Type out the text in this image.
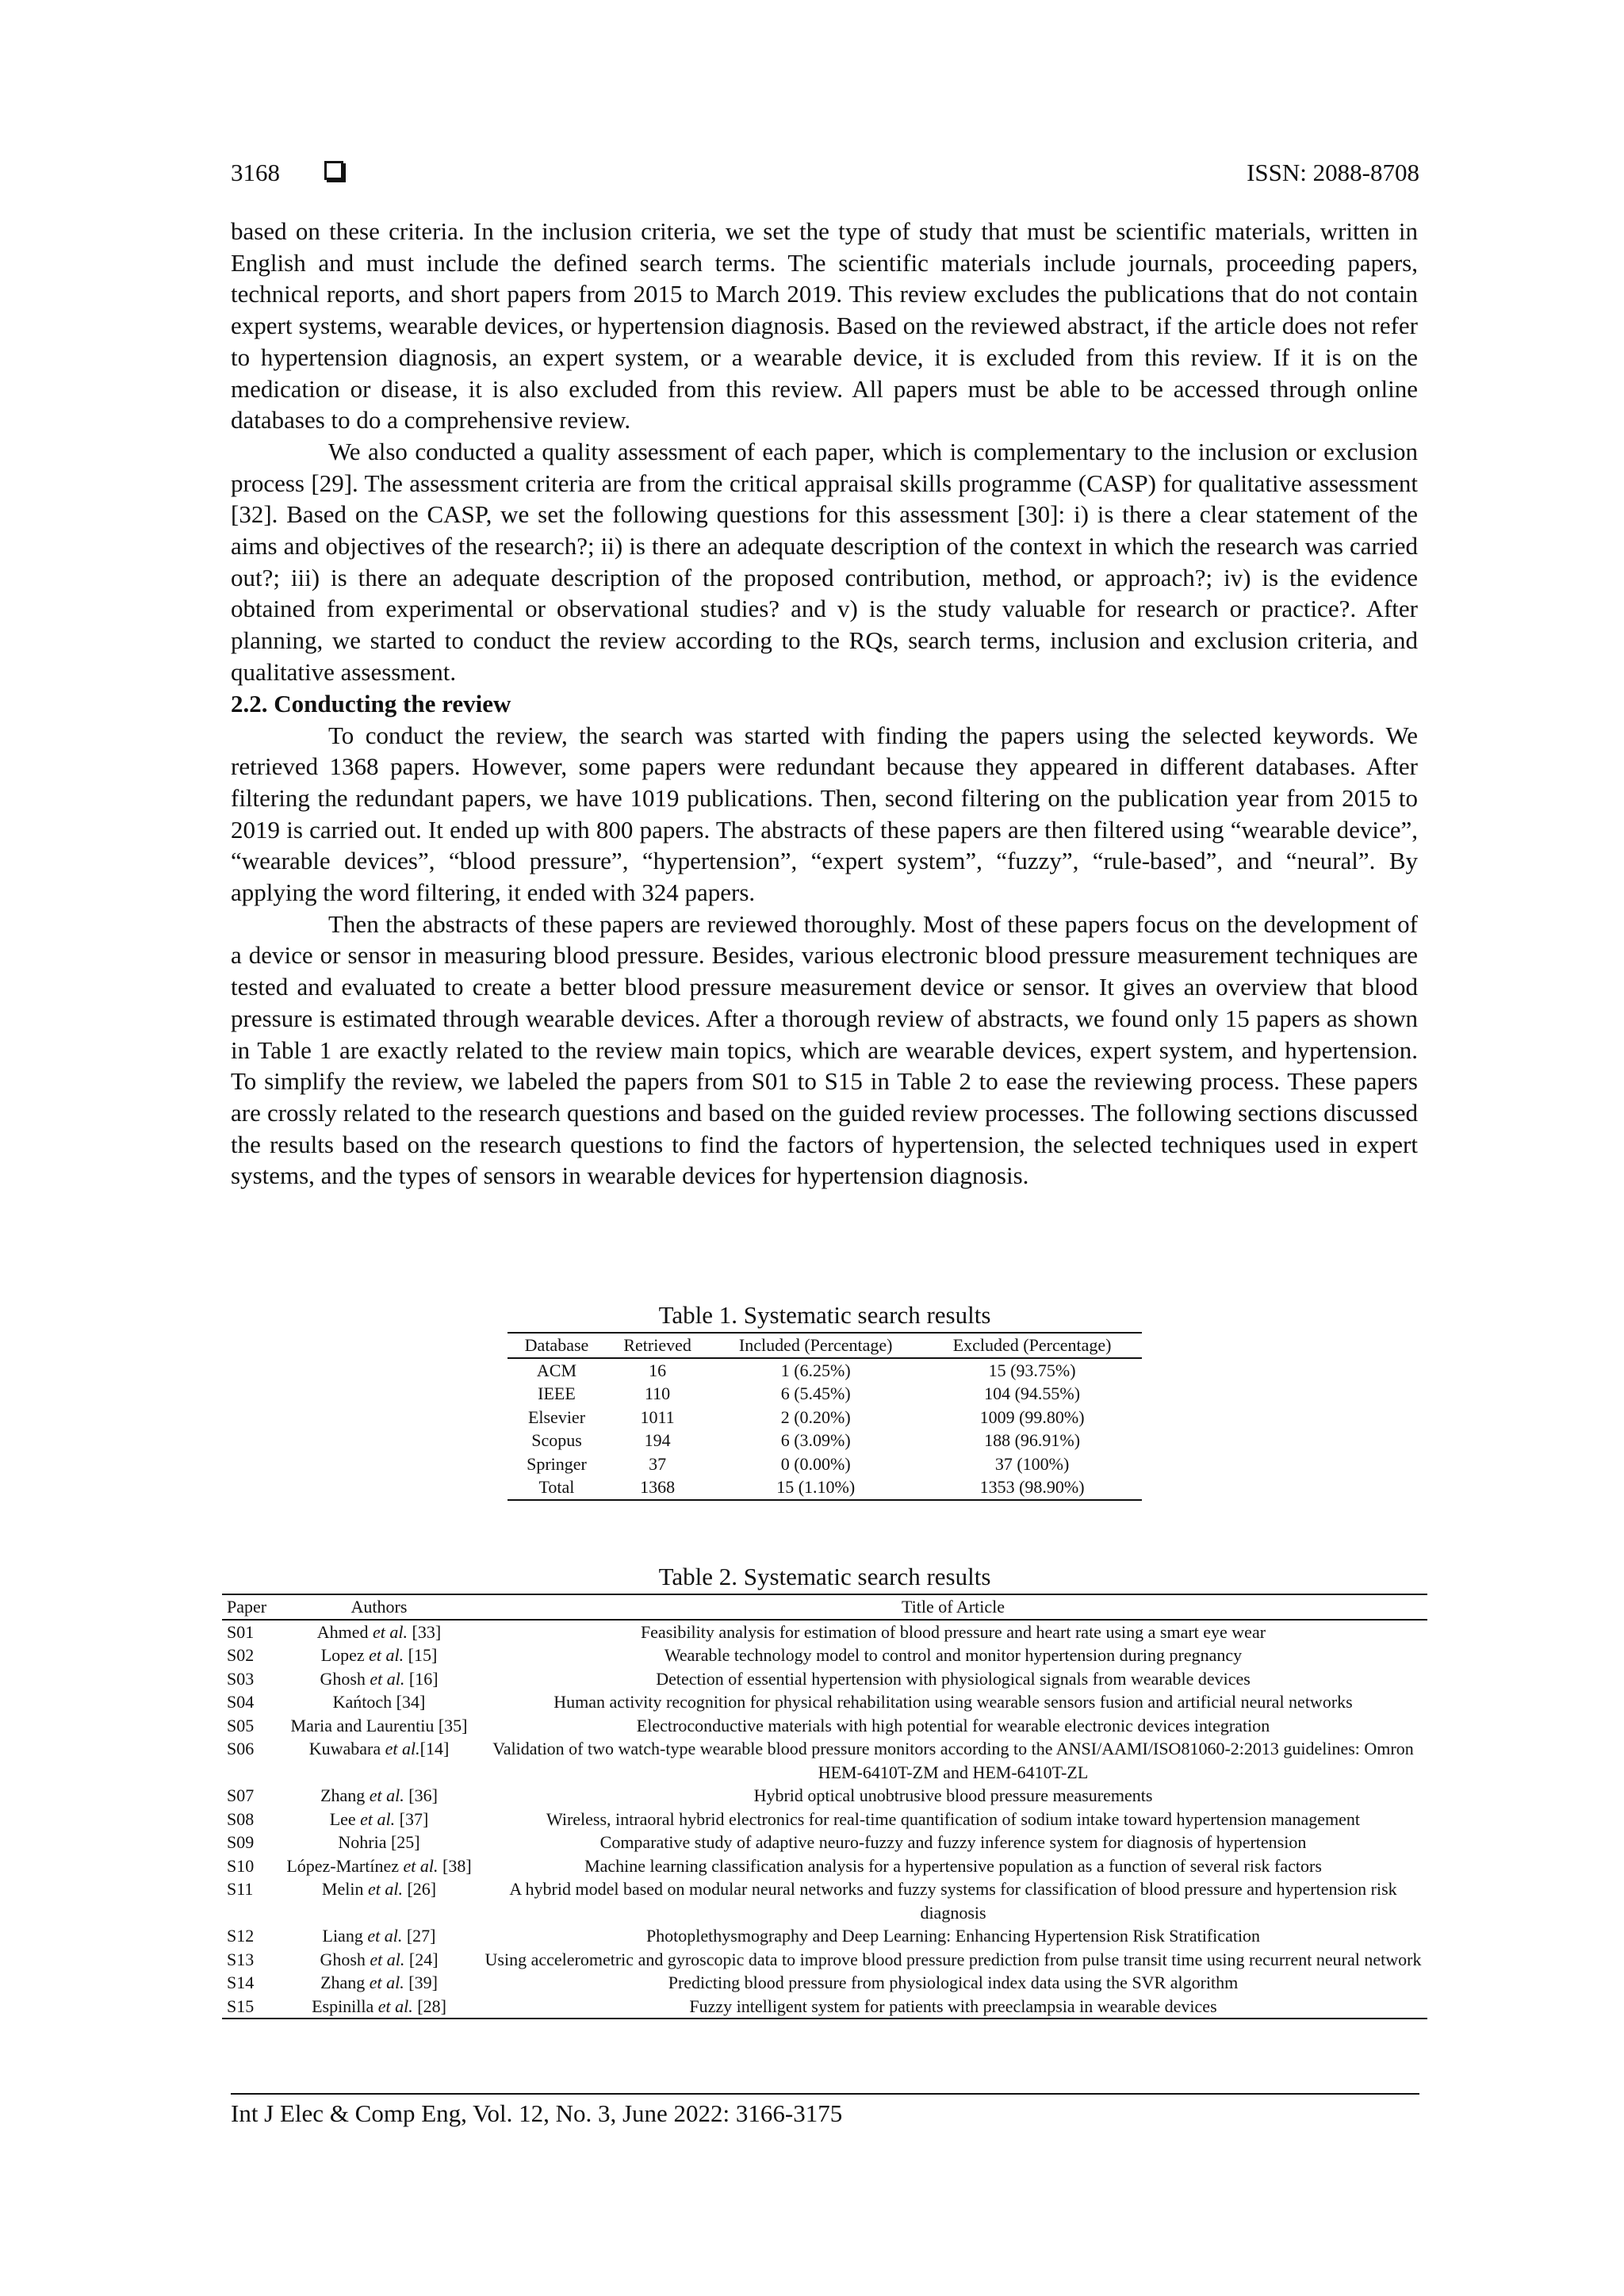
3168	ISSN: 2088-8708

based on these criteria. In the inclusion criteria, we set the type of study that must be scientific materials, written in English and must include the defined search terms. The scientific materials include journals, proceeding papers, technical reports, and short papers from 2015 to March 2019. This review excludes the publications that do not contain expert systems, wearable devices, or hypertension diagnosis. Based on the reviewed abstract, if the article does not refer to hypertension diagnosis, an expert system, or a wearable device, it is excluded from this review. If it is on the medication or disease, it is also excluded from this review. All papers must be able to be accessed through online databases to do a comprehensive review.

We also conducted a quality assessment of each paper, which is complementary to the inclusion or exclusion process [29]. The assessment criteria are from the critical appraisal skills programme (CASP) for qualitative assessment [32]. Based on the CASP, we set the following questions for this assessment [30]: i) is there a clear statement of the aims and objectives of the research?; ii) is there an adequate description of the context in which the research was carried out?; iii) is there an adequate description of the proposed contribution, method, or approach?; iv) is the evidence obtained from experimental or observational studies? and v) is the study valuable for research or practice?. After planning, we started to conduct the review according to the RQs, search terms, inclusion and exclusion criteria, and qualitative assessment.

2.2. Conducting the review

To conduct the review, the search was started with finding the papers using the selected keywords. We retrieved 1368 papers. However, some papers were redundant because they appeared in different databases. After filtering the redundant papers, we have 1019 publications. Then, second filtering on the publication year from 2015 to 2019 is carried out. It ended up with 800 papers. The abstracts of these papers are then filtered using “wearable device”, “wearable devices”, “blood pressure”, “hypertension”, “expert system”, “fuzzy”, “rule-based”, and “neural”. By applying the word filtering, it ended with 324 papers.

Then the abstracts of these papers are reviewed thoroughly. Most of these papers focus on the development of a device or sensor in measuring blood pressure. Besides, various electronic blood pressure measurement techniques are tested and evaluated to create a better blood pressure measurement device or sensor. It gives an overview that blood pressure is estimated through wearable devices. After a thorough review of abstracts, we found only 15 papers as shown in Table 1 are exactly related to the review main topics, which are wearable devices, expert system, and hypertension. To simplify the review, we labeled the papers from S01 to S15 in Table 2 to ease the reviewing process. These papers are crossly related to the research questions and based on the guided review processes. The following sections discussed the results based on the research questions to find the factors of hypertension, the selected techniques used in expert systems, and the types of sensors in wearable devices for hypertension diagnosis.

Table 1. Systematic search results
Database	Retrieved	Included (Percentage)	Excluded (Percentage)
ACM	16	1 (6.25%)	15 (93.75%)
IEEE	110	6 (5.45%)	104 (94.55%)
Elsevier	1011	2 (0.20%)	1009 (99.80%)
Scopus	194	6 (3.09%)	188 (96.91%)
Springer	37	0 (0.00%)	37 (100%)
Total	1368	15 (1.10%)	1353 (98.90%)
Table 2. Systematic search results
Paper	Authors	Title of Article
S01	Ahmed et al. [33]	Feasibility analysis for estimation of blood pressure and heart rate using a smart eye wear
S02	Lopez et al. [15]	Wearable technology model to control and monitor hypertension during pregnancy
S03	Ghosh et al. [16]	Detection of essential hypertension with physiological signals from wearable devices
S04	Kańtoch [34]	Human activity recognition for physical rehabilitation using wearable sensors fusion and artificial neural networks
S05	Maria and Laurentiu [35]	Electroconductive materials with high potential for wearable electronic devices integration
S06	Kuwabara et al.[14]	Validation of two watch-type wearable blood pressure monitors according to the ANSI/AAMI/ISO81060-2:2013 guidelines: Omron HEM-6410T-ZM and HEM-6410T-ZL
S07	Zhang et al. [36]	Hybrid optical unobtrusive blood pressure measurements
S08	Lee et al. [37]	Wireless, intraoral hybrid electronics for real-time quantification of sodium intake toward hypertension management
S09	Nohria [25]	Comparative study of adaptive neuro-fuzzy and fuzzy inference system for diagnosis of hypertension
S10	López-Martínez et al. [38]	Machine learning classification analysis for a hypertensive population as a function of several risk factors
S11	Melin et al. [26]	A hybrid model based on modular neural networks and fuzzy systems for classification of blood pressure and hypertension risk diagnosis
S12	Liang et al. [27]	Photoplethysmography and Deep Learning: Enhancing Hypertension Risk Stratification
S13	Ghosh et al. [24]	Using accelerometric and gyroscopic data to improve blood pressure prediction from pulse transit time using recurrent neural network
S14	Zhang et al. [39]	Predicting blood pressure from physiological index data using the SVR algorithm
S15	Espinilla et al. [28]	Fuzzy intelligent system for patients with preeclampsia in wearable devices
Int J Elec & Comp Eng, Vol. 12, No. 3, June 2022: 3166-3175
